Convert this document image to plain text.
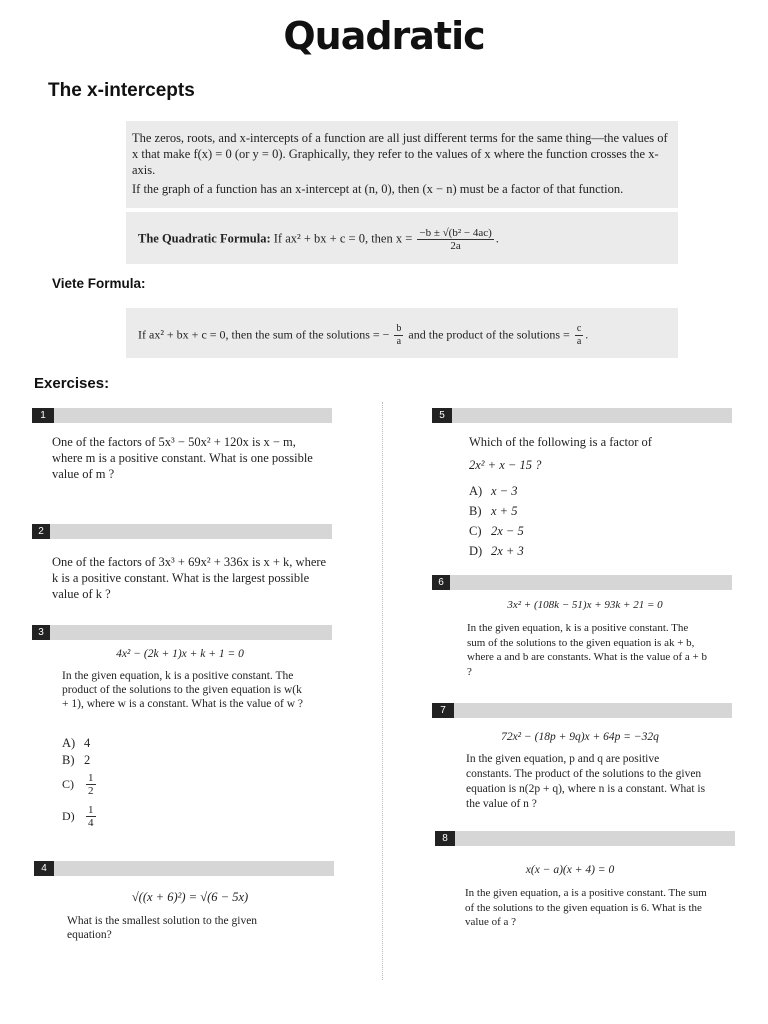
Quadratic
The x-intercepts
The zeros, roots, and x-intercepts of a function are all just different terms for the same thing—the values of x that make f(x) = 0 (or y = 0). Graphically, they refer to the values of x where the function crosses the x-axis.
If the graph of a function has an x-intercept at (n, 0), then (x − n) must be a factor of that function.
The Quadratic Formula: If ax² + bx + c = 0, then $x = \frac{\text{−b ± √(b² − 4ac)}}{2a}$ .
Viete Formula:
If ax² + bx + c = 0, then the sum of the solutions = − $\frac{b}{a}$ and the product of the solutions = $\frac{c}{a}$ .
Exercises:
1
One of the factors of 5x³ − 50x² + 120x is x − m, where m is a positive constant. What is one possible value of m ?
2
One of the factors of 3x³ + 69x² + 336x is x + k, where k is a positive constant. What is the largest possible value of k ?
3
4x² − (2k + 1)x + k + 1 = 0
In the given equation, k is a positive constant. The product of the solutions to the given equation is w(k + 1), where w is a constant. What is the value of w ?
A) 4
B) 2
$C) \frac{1}{2}$
$D) \frac{1}{4}$
4
√((x + 6)²) = √(6 − 5x)
What is the smallest solution to the given equation?
5
Which of the following is a factor of
2x² + x − 15 ?
A) x − 3
B) x + 5
C) 2x − 5
D) 2x + 3
6
3x² + (108k − 51)x + 93k + 21 = 0
In the given equation, k is a positive constant. The sum of the solutions to the given equation is ak + b, where a and b are constants. What is the value of a + b ?
7
72x² − (18p + 9q)x + 64p = −32q
In the given equation, p and q are positive constants. The product of the solutions to the given equation is n(2p + q), where n is a constant. What is the value of n ?
8
x(x − a)(x + 4) = 0
In the given equation, a is a positive constant. The sum of the solutions to the given equation is 6. What is the value of a ?
